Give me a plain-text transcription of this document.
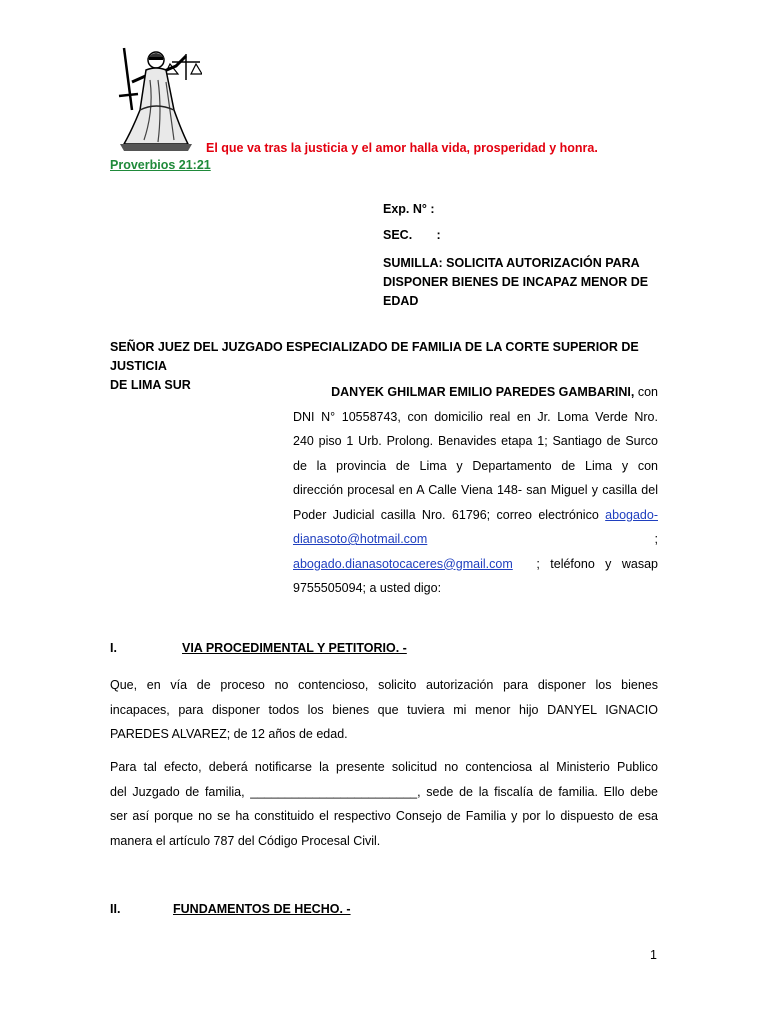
El que va tras la justicia y el amor halla vida, prosperidad y honra.

Proverbios 21:21

Exp. N° :

SEC.       :

SUMILLA: SOLICITA AUTORIZACIÓN PARA
DISPONER BIENES DE INCAPAZ MENOR DE
EDAD
SEÑOR JUEZ DEL JUZGADO ESPECIALIZADO DE FAMILIA DE LA CORTE SUPERIOR DE JUSTICIA
DE LIMA SUR	DANYEK GHILMAR EMILIO PAREDES GAMBARINI, con
DNI N° 10558743, con domicilio real en Jr. Loma Verde Nro.
240 piso 1 Urb. Prolong. Benavides etapa 1; Santiago de Surco
de la provincia de Lima y Departamento de Lima y con
dirección procesal en A Calle Viena 148- san Miguel y casilla del
Poder Judicial casilla Nro. 61796; correo electrónico abogado-
dianasoto@hotmail.com	;
abogado.dianasotocaceres@gmail.com ;   teléfono   y   wasap
9755505094; a usted digo:

I.	VIA PROCEDIMENTAL Y PETITORIO. -

Que, en vía de proceso no contencioso, solicito autorización para disponer los bienes
incapaces, para disponer todos los bienes que tuviera mi menor hijo DANYEL IGNACIO
PAREDES ALVAREZ; de 12 años de edad.
Para tal efecto, deberá notificarse la presente solicitud no contenciosa al Ministerio Publico
del Juzgado de familia, ________________________, sede de la fiscalía de familia. Ello debe
ser así porque no se ha constituido el respectivo Consejo de Familia y por lo dispuesto de esa
manera el artículo 787 del Código Procesal Civil.

II.	FUNDAMENTOS DE HECHO. -

1
